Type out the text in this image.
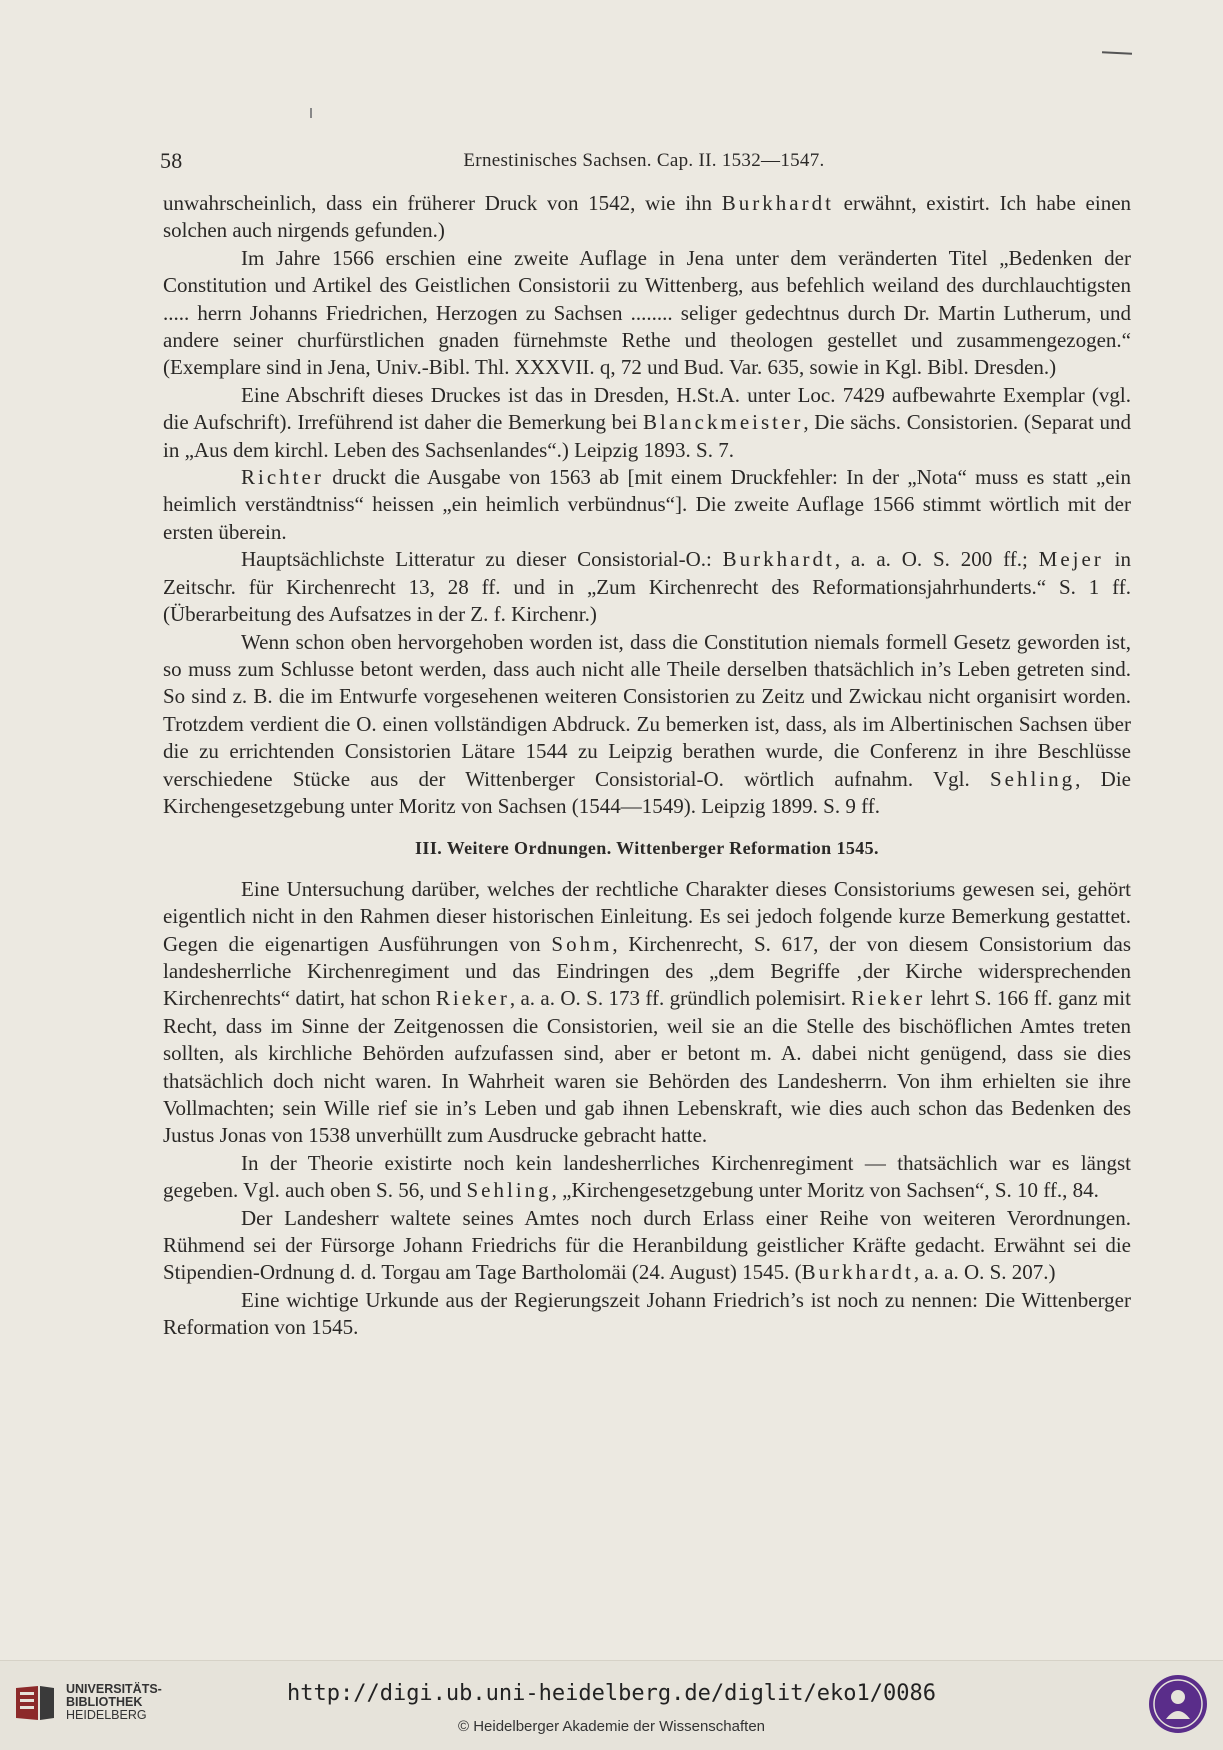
58	Ernestinisches Sachsen. Cap. II. 1532—1547.

unwahrscheinlich, dass ein früherer Druck von 1542, wie ihn Burkhardt erwähnt, existirt. Ich habe einen solchen auch nirgends gefunden.)

Im Jahre 1566 erschien eine zweite Auflage in Jena unter dem veränderten Titel „Bedenken der Constitution und Artikel des Geistlichen Consistorii zu Wittenberg, aus befehlich weiland des durchlauchtigsten ..... herrn Johanns Friedrichen, Herzogen zu Sachsen ........ seliger gedechtnus durch Dr. Martin Lutherum, und andere seiner churfürstlichen gnaden fürnehmste Rethe und theologen gestellet und zusammengezogen.“ (Exemplare sind in Jena, Univ.-Bibl. Thl. XXXVII. q, 72 und Bud. Var. 635, sowie in Kgl. Bibl. Dresden.)

Eine Abschrift dieses Druckes ist das in Dresden, H.St.A. unter Loc. 7429 aufbewahrte Exemplar (vgl. die Aufschrift). Irreführend ist daher die Bemerkung bei Blanckmeister, Die sächs. Consistorien. (Separat und in „Aus dem kirchl. Leben des Sachsenlandes“.) Leipzig 1893. S. 7.

Richter druckt die Ausgabe von 1563 ab [mit einem Druckfehler: In der „Nota“ muss es statt „ein heimlich verständtniss“ heissen „ein heimlich verbündnus“]. Die zweite Auflage 1566 stimmt wörtlich mit der ersten überein.

Hauptsächlichste Litteratur zu dieser Consistorial-O.: Burkhardt, a. a. O. S. 200 ff.; Mejer in Zeitschr. für Kirchenrecht 13, 28 ff. und in „Zum Kirchenrecht des Reformationsjahrhunderts.“ S. 1 ff. (Überarbeitung des Aufsatzes in der Z. f. Kirchenr.)

Wenn schon oben hervorgehoben worden ist, dass die Constitution niemals formell Gesetz geworden ist, so muss zum Schlusse betont werden, dass auch nicht alle Theile derselben thatsächlich in’s Leben getreten sind. So sind z. B. die im Entwurfe vorgesehenen weiteren Consistorien zu Zeitz und Zwickau nicht organisirt worden. Trotzdem verdient die O. einen vollständigen Abdruck. Zu bemerken ist, dass, als im Albertinischen Sachsen über die zu errichtenden Consistorien Lätare 1544 zu Leipzig berathen wurde, die Conferenz in ihre Beschlüsse verschiedene Stücke aus der Wittenberger Consistorial-O. wörtlich aufnahm. Vgl. Sehling, Die Kirchengesetzgebung unter Moritz von Sachsen (1544—1549). Leipzig 1899. S. 9 ff.

III. Weitere Ordnungen. Wittenberger Reformation 1545.

Eine Untersuchung darüber, welches der rechtliche Charakter dieses Consistoriums gewesen sei, gehört eigentlich nicht in den Rahmen dieser historischen Einleitung. Es sei jedoch folgende kurze Bemerkung gestattet. Gegen die eigenartigen Ausführungen von Sohm, Kirchenrecht, S. 617, der von diesem Consistorium das landesherrliche Kirchenregiment und das Eindringen des „dem Begriffe ‚der Kirche widersprechenden Kirchenrechts“ datirt, hat schon Rieker, a. a. O. S. 173 ff. gründlich polemisirt. Rieker lehrt S. 166 ff. ganz mit Recht, dass im Sinne der Zeitgenossen die Consistorien, weil sie an die Stelle des bischöflichen Amtes treten sollten, als kirchliche Behörden aufzufassen sind, aber er betont m. A. dabei nicht genügend, dass sie dies thatsächlich doch nicht waren. In Wahrheit waren sie Behörden des Landesherrn. Von ihm erhielten sie ihre Vollmachten; sein Wille rief sie in’s Leben und gab ihnen Lebenskraft, wie dies auch schon das Bedenken des Justus Jonas von 1538 unverhüllt zum Ausdrucke gebracht hatte.

In der Theorie existirte noch kein landesherrliches Kirchenregiment — thatsächlich war es längst gegeben. Vgl. auch oben S. 56, und Sehling, „Kirchengesetzgebung unter Moritz von Sachsen“, S. 10 ff., 84.

Der Landesherr waltete seines Amtes noch durch Erlass einer Reihe von weiteren Verordnungen. Rühmend sei der Fürsorge Johann Friedrichs für die Heranbildung geistlicher Kräfte gedacht. Erwähnt sei die Stipendien-Ordnung d. d. Torgau am Tage Bartholomäi (24. August) 1545. (Burkhardt, a. a. O. S. 207.)

Eine wichtige Urkunde aus der Regierungszeit Johann Friedrich’s ist noch zu nennen: Die Wittenberger Reformation von 1545.

UNIVERSITÄTS-
BIBLIOTHEK
HEIDELBERG
http://digi.ub.uni-heidelberg.de/diglit/eko1/0086
© Heidelberger Akademie der Wissenschaften
